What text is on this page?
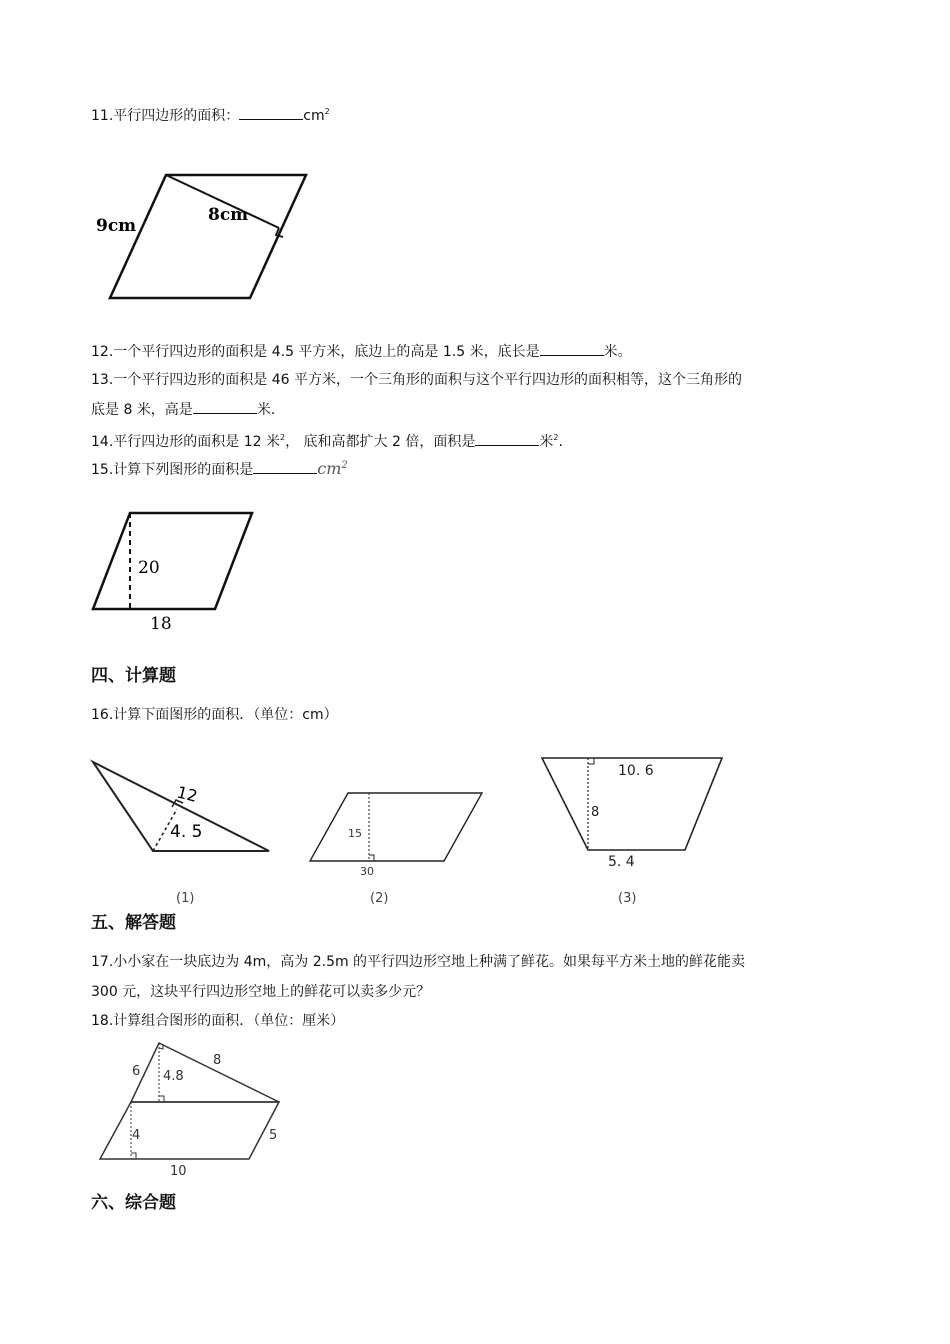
11.平行四边形的面积：	$cm^2$
9cm
8cm
12.一个平行四边形的面积是 4.5 平方米，底边上的高是 1.5 米，底长是	米。
13.一个平行四边形的面积是 46 平方米，一个三角形的面积与这个平行四边形的面积相等，这个三角形的
底是 8 米，高是	米.
14.平行四边形的面积是 12 米$^2$， 底和高都扩大 2 倍，面积是	米$^2$.
15.计算下列图形的面积是	$cm^2$
20
18
四、计算题
16.计算下面图形的面积．（单位：cm）
12
4. 5
(1)
15
30
(2)
10. 6
8
5. 4
(3)
五、解答题
17.小小家在一块底边为 4m，高为 2.5m 的平行四边形空地上种满了鲜花。如果每平方米土地的鲜花能卖
300 元，这块平行四边形空地上的鲜花可以卖多少元？
18.计算组合图形的面积．（单位：厘米）
6
8
4.8
4	5
10
六、综合题
